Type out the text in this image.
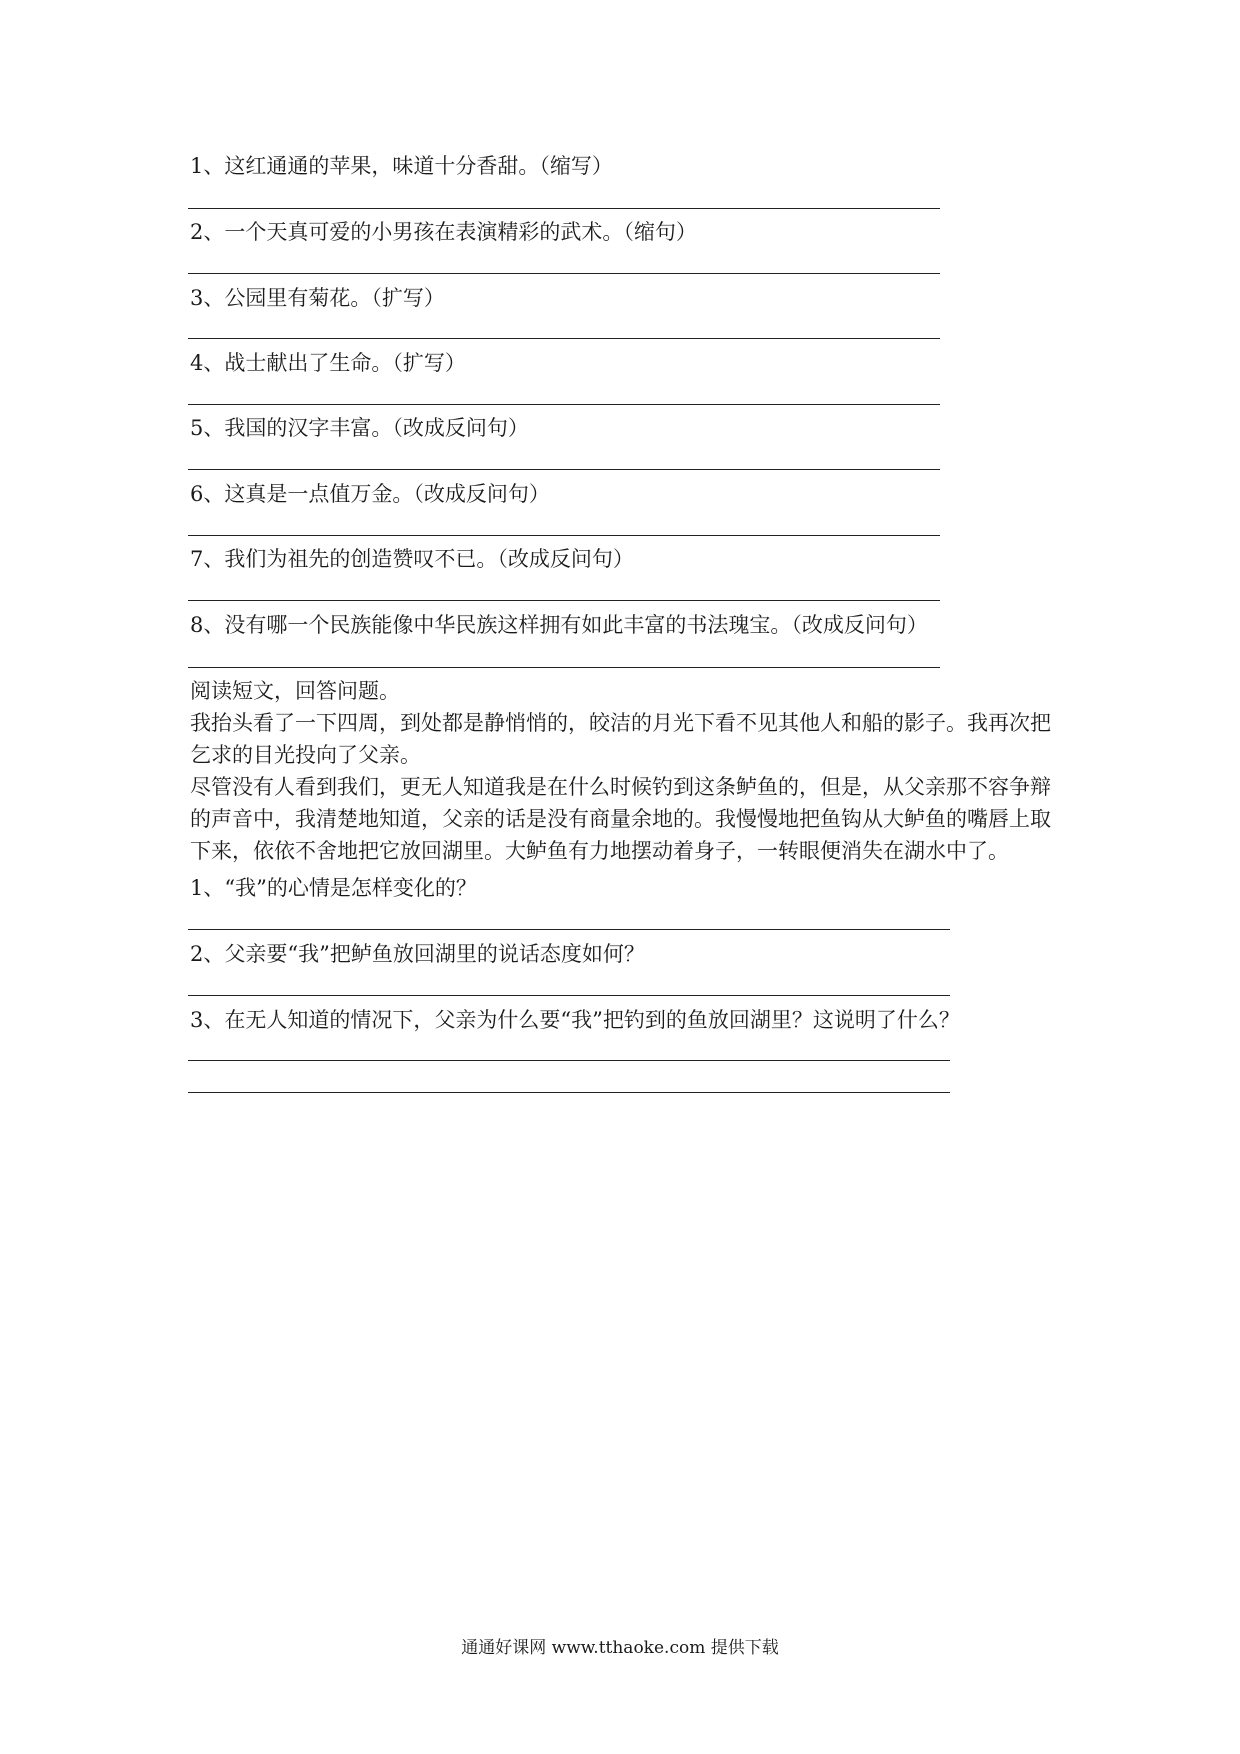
1、这红通通的苹果，味道十分香甜。（缩写）
2、一个天真可爱的小男孩在表演精彩的武术。（缩句）
3、公园里有菊花。（扩写）
4、战士献出了生命。（扩写）
5、我国的汉字丰富。（改成反问句）
6、这真是一点值万金。（改成反问句）
7、我们为祖先的创造赞叹不已。（改成反问句）
8、没有哪一个民族能像中华民族这样拥有如此丰富的书法瑰宝。（改成反问句）

阅读短文，回答问题。

我抬头看了一下四周，到处都是静悄悄的，皎洁的月光下看不见其他人和船的影子。我再次把乞求的目光投向了父亲。

尽管没有人看到我们，更无人知道我是在什么时候钓到这条鲈鱼的，但是，从父亲那不容争辩的声音中，我清楚地知道，父亲的话是没有商量余地的。我慢慢地把鱼钩从大鲈鱼的嘴唇上取下来，依依不舍地把它放回湖里。大鲈鱼有力地摆动着身子，一转眼便消失在湖水中了。

1、“我”的心情是怎样变化的？
2、父亲要“我”把鲈鱼放回湖里的说话态度如何？
3、在无人知道的情况下，父亲为什么要“我”把钓到的鱼放回湖里？这说明了什么？
通通好课网 www.tthaoke.com 提供下载
